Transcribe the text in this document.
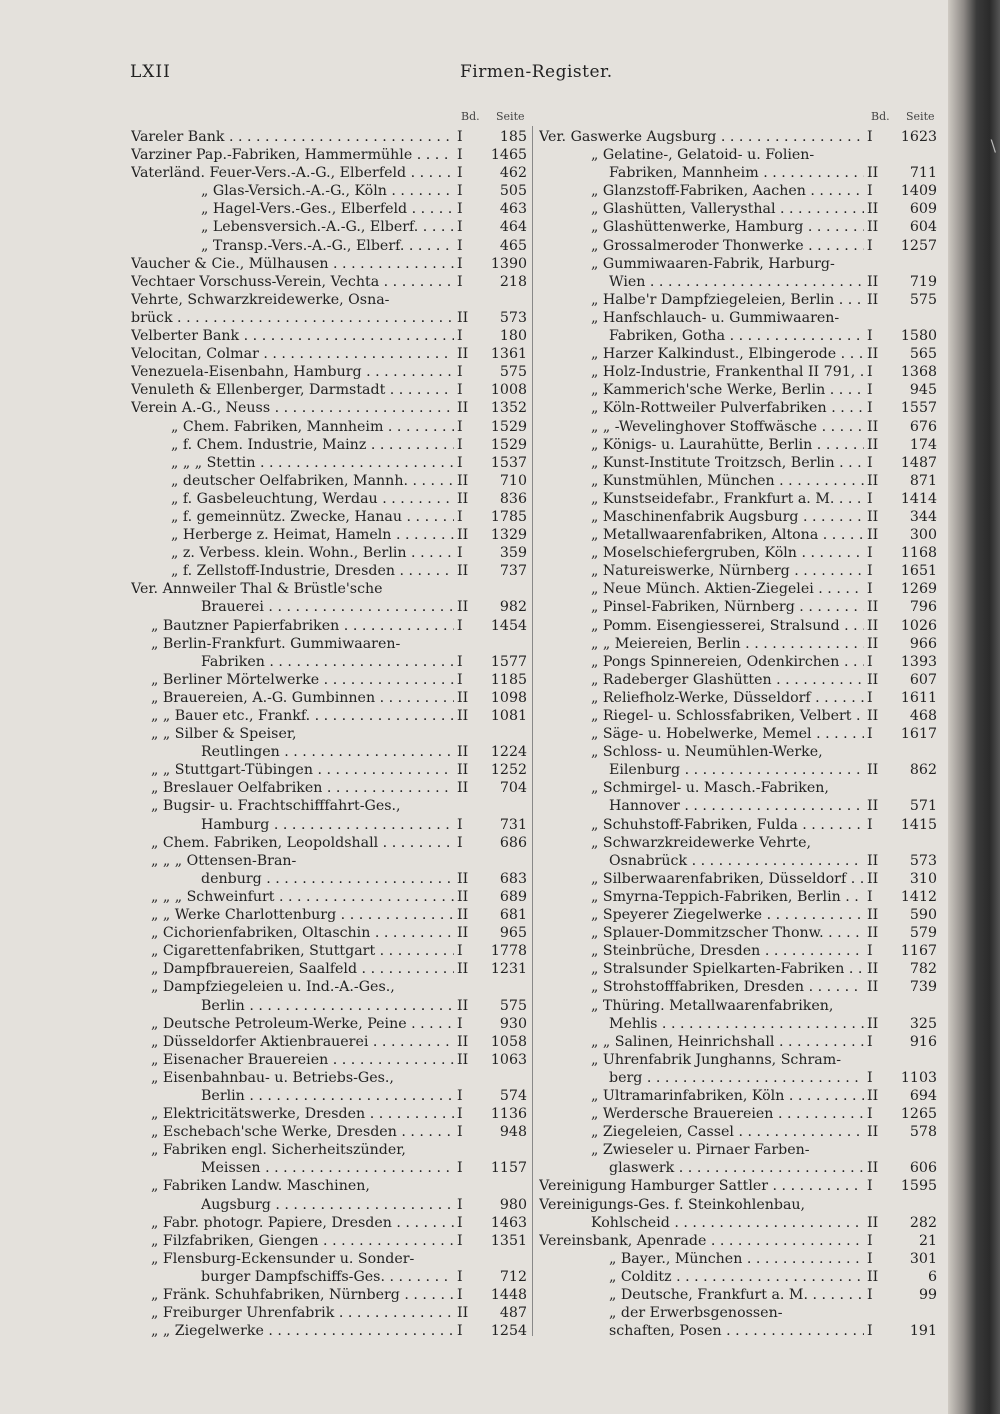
LXII	Firmen-Register.
Bd. Seite	Bd. Seite
Vareler Bank . . .	I	185
Varziner Pap.-Fabriken, Hammermühle . . .	I	1465
Vaterländ. Feuer-Vers.-A.-G., Elberfeld . . .	I	462
„ Glas-Versich.-A.-G., Köln . . .	I	505
„ Hagel-Vers.-Ges., Elberfeld . . .	I	463
„ Lebensversich.-A.-G., Elberf. . . .	I	464
„ Transp.-Vers.-A.-G., Elberf. . . .	I	465
Vaucher & Cie., Mülhausen . . .	I	1390
Vechtaer Vorschuss-Verein, Vechta . . .	I	218
Vehrte, Schwarzkreidewerke, Osna-
brück . . .	II	573
Velberter Bank . . .	I	180
Velocitan, Colmar . . .	II	1361
Venezuela-Eisenbahn, Hamburg . . .	I	575
Venuleth & Ellenberger, Darmstadt . . .	I	1008
Verein A.-G., Neuss . . .	II	1352
„ Chem. Fabriken, Mannheim . . .	I	1529
„ f. Chem. Industrie, Mainz . . .	I	1529
„ „ „ Stettin . . .	I	1537
„ deutscher Oelfabriken, Mannh. . . .	II	710
„ f. Gasbeleuchtung, Werdau . . .	II	836
„ f. gemeinnütz. Zwecke, Hanau . . .	I	1785
„ Herberge z. Heimat, Hameln . . .	II	1329
„ z. Verbess. klein. Wohn., Berlin . . .	I	359
„ f. Zellstoff-Industrie, Dresden . . .	II	737
Ver. Annweiler Thal & Brüstle'sche
Brauerei . . .	II	982
„ Bautzner Papierfabriken . . .	I	1454
„ Berlin-Frankfurt. Gummiwaaren-
Fabriken . . .	I	1577
„ Berliner Mörtelwerke . . .	I	1185
„ Brauereien, A.-G. Gumbinnen . . .	II	1098
„ „ Bauer etc., Frankf. . . .	II	1081
„ „ Silber & Speiser,
Reutlingen . . .	II	1224
„ „ Stuttgart-Tübingen . . .	II	1252
„ Breslauer Oelfabriken . . .	II	704
„ Bugsir- u. Frachtschifffahrt-Ges.,
Hamburg . . .	I	731
„ Chem. Fabriken, Leopoldshall . . .	I	686
„ „ „ Ottensen-Bran-
denburg . . .	II	683
„ „ „ Schweinfurt . . .	II	689
„ „ Werke Charlottenburg . . .	II	681
„ Cichorienfabriken, Oltaschin . . .	II	965
„ Cigarettenfabriken, Stuttgart . . .	I	1778
„ Dampfbrauereien, Saalfeld . . .	II	1231
„ Dampfziegeleien u. Ind.-A.-Ges.,
Berlin . . .	II	575
„ Deutsche Petroleum-Werke, Peine . . .	I	930
„ Düsseldorfer Aktienbrauerei . . .	II	1058
„ Eisenacher Brauereien . . .	II	1063
„ Eisenbahnbau- u. Betriebs-Ges.,
Berlin . . .	I	574
„ Elektricitätswerke, Dresden . . .	I	1136
„ Eschebach'sche Werke, Dresden . . .	I	948
„ Fabriken engl. Sicherheitszünder,
Meissen . . .	I	1157
„ Fabriken Landw. Maschinen,
Augsburg . . .	I	980
„ Fabr. photogr. Papiere, Dresden . . .	I	1463
„ Filzfabriken, Giengen . . .	I	1351
„ Flensburg-Eckensunder u. Sonder-
burger Dampfschiffs-Ges. . . .	I	712
„ Fränk. Schuhfabriken, Nürnberg . . .	I	1448
„ Freiburger Uhrenfabrik . . .	II	487
„ „ Ziegelwerke . . .	I	1254
Ver. Gaswerke Augsburg . . .	I	1623
„ Gelatine-, Gelatoid- u. Folien-
Fabriken, Mannheim . . .	II	711
„ Glanzstoff-Fabriken, Aachen . . .	I	1409
„ Glashütten, Vallerysthal . . .	II	609
„ Glashüttenwerke, Hamburg . . .	II	604
„ Grossalmeroder Thonwerke . . .	I	1257
„ Gummiwaaren-Fabrik, Harburg-
Wien . . .	II	719
„ Halbe'r Dampfziegeleien, Berlin . . .	II	575
„ Hanfschlauch- u. Gummiwaaren-
Fabriken, Gotha . . .	I	1580
„ Harzer Kalkindust., Elbingerode . . .	II	565
„ Holz-Industrie, Frankenthal II 791, . . . I	1368
„ Kammerich'sche Werke, Berlin . . .	I	945
„ Köln-Rottweiler Pulverfabriken . . .	I	1557
„ „ -Wevelinghover Stoffwäsche . . .	II	676
„ Königs- u. Laurahütte, Berlin . . .	II	174
„ Kunst-Institute Troitzsch, Berlin . . .	I	1487
„ Kunstmühlen, München . . .	II	871
„ Kunstseidefabr., Frankfurt a. M. . . .	I	1414
„ Maschinenfabrik Augsburg . . .	II	344
„ Metallwaarenfabriken, Altona . . .	II	300
„ Moselschiefergruben, Köln . . .	I	1168
„ Natureiswerke, Nürnberg . . .	I	1651
„ Neue Münch. Aktien-Ziegelei . . .	I	1269
„ Pinsel-Fabriken, Nürnberg . . .	II	796
„ Pomm. Eisengiesserei, Stralsund . . .	II	1026
„ „ Meiereien, Berlin . . .	II	966
„ Pongs Spinnereien, Odenkirchen . . .	I	1393
„ Radeberger Glashütten . . .	II	607
„ Reliefholz-Werke, Düsseldorf . . .	I	1611
„ Riegel- u. Schlossfabriken, Velbert . . .	II	468
„ Säge- u. Hobelwerke, Memel . . .	I	1617
„ Schloss- u. Neumühlen-Werke,
Eilenburg . . .	II	862
„ Schmirgel- u. Masch.-Fabriken,
Hannover . . .	II	571
„ Schuhstoff-Fabriken, Fulda . . .	I	1415
„ Schwarzkreidewerke Vehrte,
Osnabrück . . .	II	573
„ Silberwaarenfabriken, Düsseldorf . . .	II	310
„ Smyrna-Teppich-Fabriken, Berlin . . .	I	1412
„ Speyerer Ziegelwerke . . .	II	590
„ Splauer-Dommitzscher Thonw. . . .	II	579
„ Steinbrüche, Dresden . . .	I	1167
„ Stralsunder Spielkarten-Fabriken . . .	II	782
„ Strohstofffabriken, Dresden . . .	II	739
„ Thüring. Metallwaarenfabriken,
Mehlis . . .	II	325
„ „ Salinen, Heinrichshall . . .	I	916
„ Uhrenfabrik Junghanns, Schram-
berg . . .	I	1103
„ Ultramarinfabriken, Köln . . .	II	694
„ Werdersche Brauereien . . .	I	1265
„ Ziegeleien, Cassel . . .	II	578
„ Zwieseler u. Pirnaer Farben-
glaswerk . . .	II	606
Vereinigung Hamburger Sattler . . .	I	1595
Vereinigungs-Ges. f. Steinkohlenbau,
Kohlscheid . . .	II	282
Vereinsbank, Apenrade . . .	I	21
„ Bayer., München . . .	I	301
„ Colditz . . .	II	6
„ Deutsche, Frankfurt a. M. . . .	I	99
„ der Erwerbsgenossen-
schaften, Posen . . .	I	191
\
